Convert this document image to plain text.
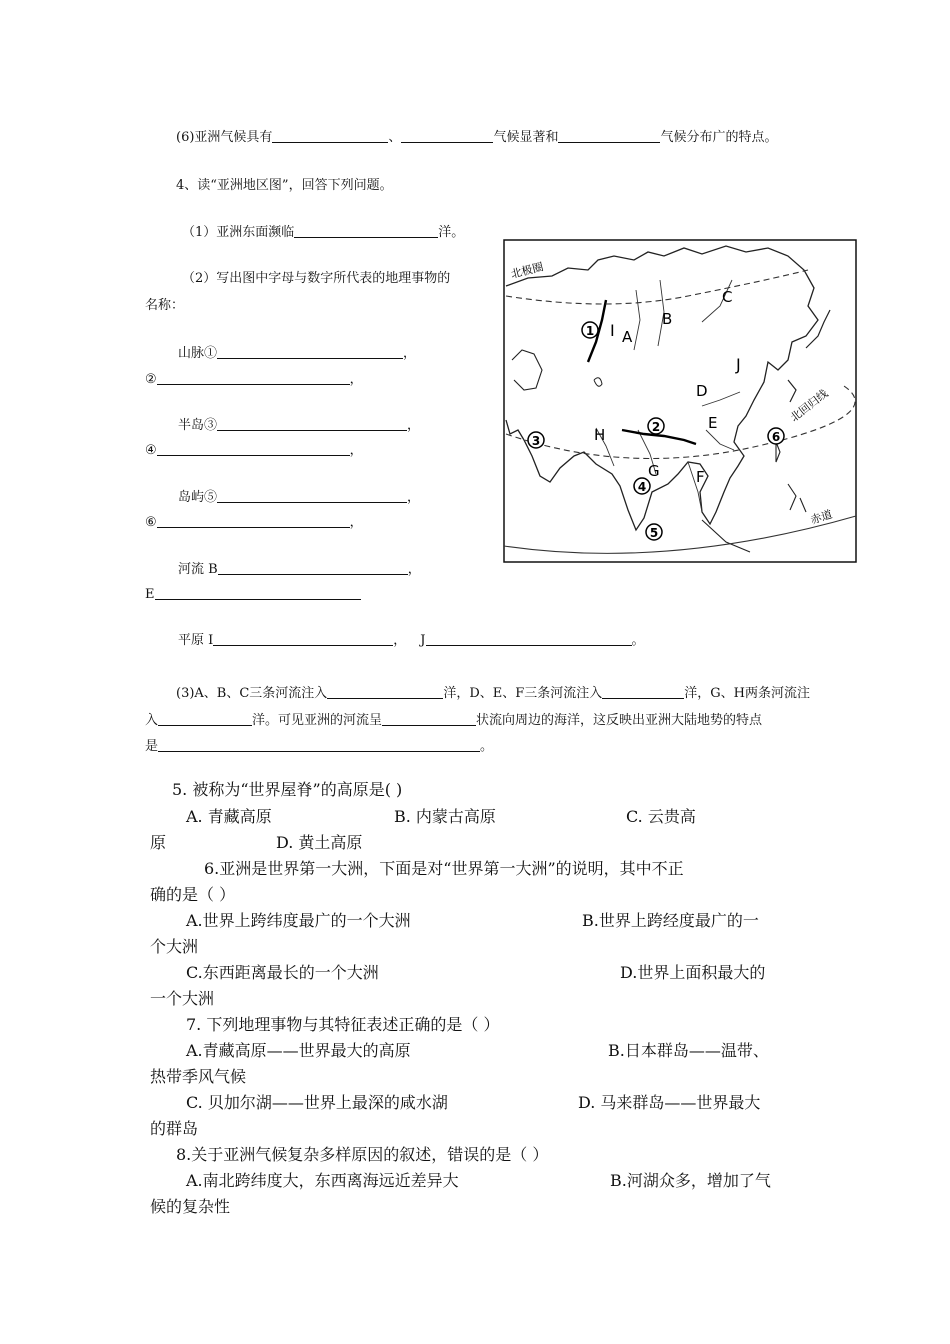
(6)亚洲气候具有	、	气候显著和	气候分布广的特点。
4、读“亚洲地区图”，回答下列问题。
（1）亚洲东面濒临	洋。
（2）写出图中字母与数字所代表的地理事物的
名称：
山脉①	，
②	，
半岛③	，
④	，
岛屿⑤	，
⑥	，
河流 B	，
E
平原 I	， J	。
(3)A、B、C三条河流注入	洋，D、E、F三条河流注入	洋，G、H两条河流注
入	洋。可见亚洲的河流呈	状流向周边的海洋，这反映出亚洲大陆地势的特点
是	。
北极圈
北回归线
赤道
A
B
C
D
E
F
G
H
I
J
1
2
3
4
5
6
5. 被称为“世界屋脊”的高原是( )
A. 青藏高原	B. 内蒙古高原	C. 云贵高
原	D. 黄土高原
6.亚洲是世界第一大洲，下面是对“世界第一大洲”的说明，其中不正
确的是（ ）
A.世界上跨纬度最广的一个大洲	B.世界上跨经度最广的一
个大洲
C.东西距离最长的一个大洲	D.世界上面积最大的
一个大洲
7. 下列地理事物与其特征表述正确的是（ ）
A.青藏高原——世界最大的高原	B.日本群岛——温带、
热带季风气候
C. 贝加尔湖——世界上最深的咸水湖	D. 马来群岛——世界最大
的群岛
8.关于亚洲气候复杂多样原因的叙述，错误的是（ ）
A.南北跨纬度大，东西离海远近差异大	B.河湖众多，增加了气
候的复杂性
